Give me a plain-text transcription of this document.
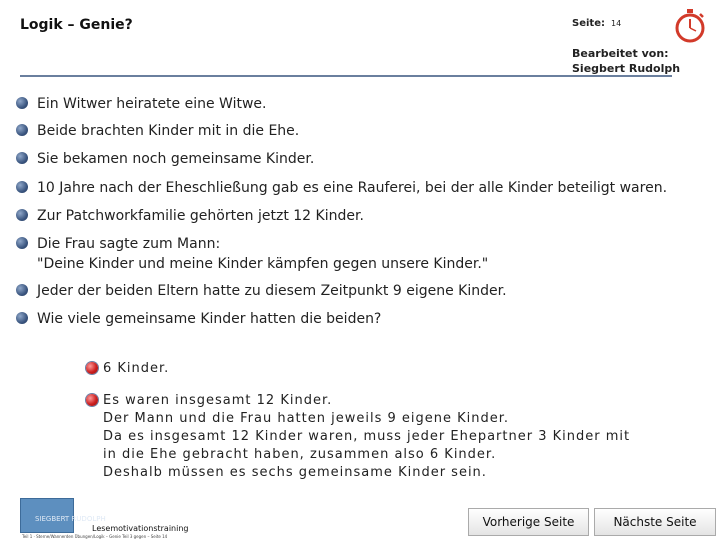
Logik – Genie?	Seite: 14
Bearbeitet von:
Siegbert Rudolph
Ein Witwer heiratete eine Witwe.
Beide brachten Kinder mit in die Ehe.
Sie bekamen noch gemeinsame Kinder.
10 Jahre nach der Eheschließung gab es eine Rauferei, bei der alle Kinder beteiligt waren.
Zur Patchworkfamilie gehörten jetzt 12 Kinder.
Die Frau sagte zum Mann:
"Deine Kinder und meine Kinder kämpfen gegen unsere Kinder."
Jeder der beiden Eltern hatte zu diesem Zeitpunkt 9 eigene Kinder.
Wie viele gemeinsame Kinder hatten die beiden?
6 Kinder.
Es waren insgesamt 12 Kinder.
Der Mann und die Frau hatten jeweils 9 eigene Kinder.
Da es insgesamt 12 Kinder waren, muss jeder Ehepartner 3 Kinder mit
in die Ehe gebracht haben, zusammen also 6 Kinder.
Deshalb müssen es sechs gemeinsame Kinder sein.
SIEGBERT RUDOLPH
Lesemotivationstraining
Teil 1 · Sterne/Wannerden Übungen/Logik – Genie Teil 3 gegen – Seite 14
Vorherige Seite	Nächste Seite
